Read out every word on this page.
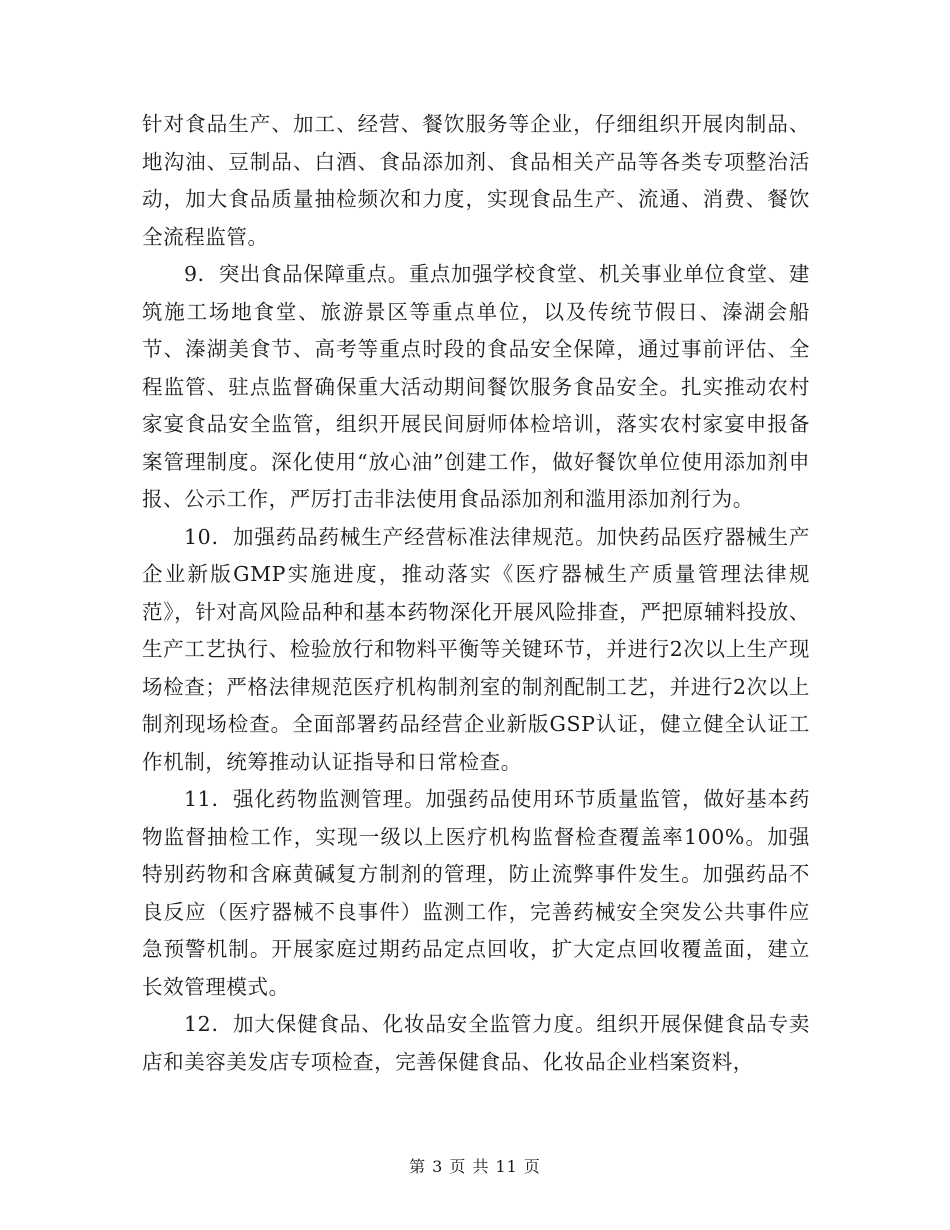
针对食品生产、加工、经营、餐饮服务等企业，仔细组织开展肉制品、地沟油、豆制品、白酒、食品添加剂、食品相关产品等各类专项整治活动，加大食品质量抽检频次和力度，实现食品生产、流通、消费、餐饮全流程监管。

9．突出食品保障重点。重点加强学校食堂、机关事业单位食堂、建筑施工场地食堂、旅游景区等重点单位，以及传统节假日、溱湖会船节、溱湖美食节、高考等重点时段的食品安全保障，通过事前评估、全程监管、驻点监督确保重大活动期间餐饮服务食品安全。扎实推动农村家宴食品安全监管，组织开展民间厨师体检培训，落实农村家宴申报备案管理制度。深化使用“放心油”创建工作，做好餐饮单位使用添加剂申报、公示工作，严厉打击非法使用食品添加剂和滥用添加剂行为。

10．加强药品药械生产经营标准法律规范。加快药品医疗器械生产企业新版GMP实施进度，推动落实《医疗器械生产质量管理法律规范》，针对高风险品种和基本药物深化开展风险排查，严把原辅料投放、生产工艺执行、检验放行和物料平衡等关键环节，并进行2次以上生产现场检查；严格法律规范医疗机构制剂室的制剂配制工艺，并进行2次以上制剂现场检查。全面部署药品经营企业新版GSP认证，健立健全认证工作机制，统筹推动认证指导和日常检查。

11．强化药物监测管理。加强药品使用环节质量监管，做好基本药物监督抽检工作，实现一级以上医疗机构监督检查覆盖率100%。加强特别药物和含麻黄碱复方制剂的管理，防止流弊事件发生。加强药品不良反应（医疗器械不良事件）监测工作，完善药械安全突发公共事件应急预警机制。开展家庭过期药品定点回收，扩大定点回收覆盖面，建立长效管理模式。

12．加大保健食品、化妆品安全监管力度。组织开展保健食品专卖店和美容美发店专项检查，完善保健食品、化妆品企业档案资料，

第 3 页 共 11 页
